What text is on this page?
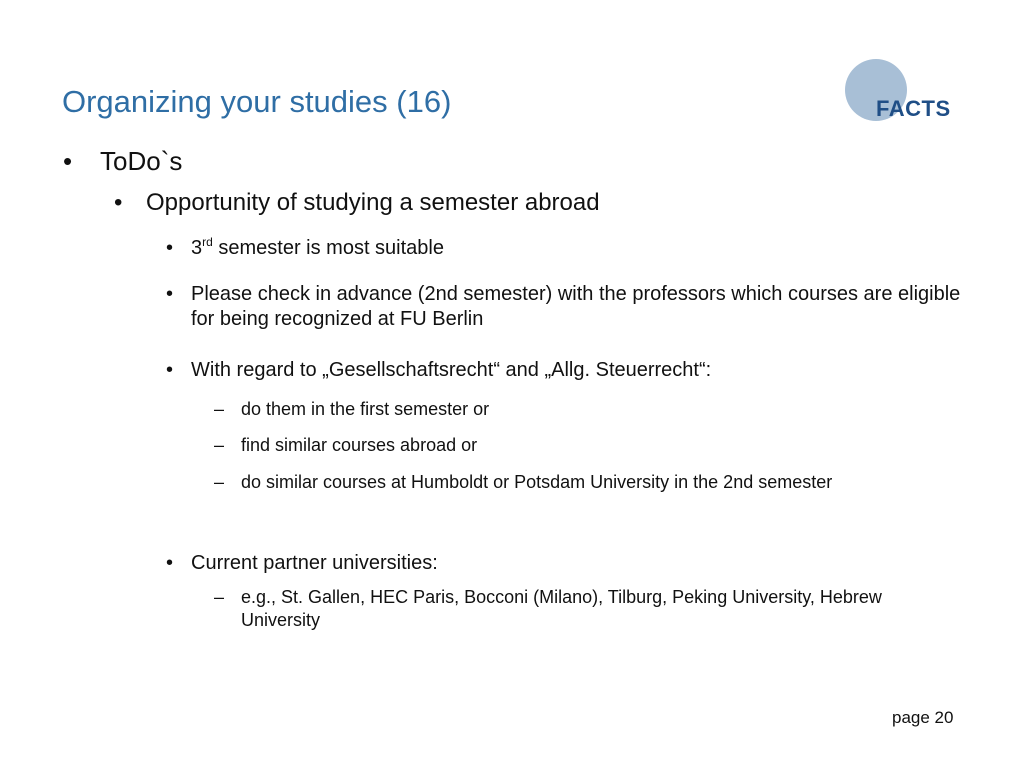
Organizing your studies (16)	FACTS
• ToDo`s
• Opportunity of studying a semester abroad
• 3rd semester is most suitable
• Please check in advance (2nd semester) with the professors which courses are eligible for being recognized at FU Berlin
• With regard to „Gesellschaftsrecht“ and „Allg. Steuerrecht“:
– do them in the first semester or
– find similar courses abroad or
– do similar courses at Humboldt or Potsdam University in the 2nd semester
• Current partner universities:
– e.g., St. Gallen, HEC Paris, Bocconi (Milano), Tilburg, Peking University, Hebrew University
page 20
